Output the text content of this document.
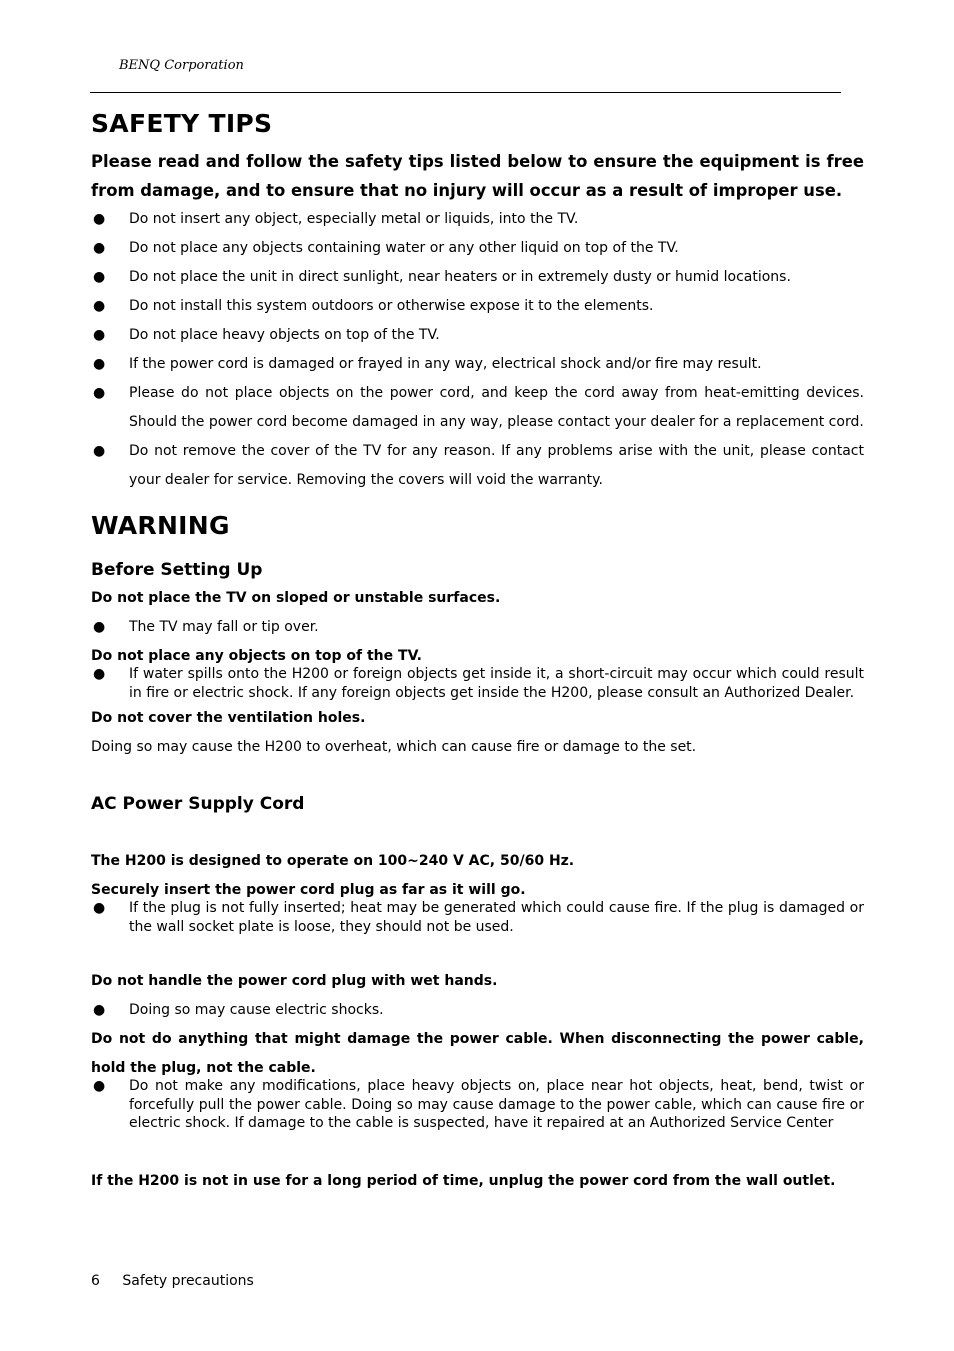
BENQ Corporation
SAFETY TIPS

Please read and follow the safety tips listed below to ensure the equipment is free from damage, and to ensure that no injury will occur as a result of improper use.

● Do not insert any object, especially metal or liquids, into the TV.
● Do not place any objects containing water or any other liquid on top of the TV.
● Do not place the unit in direct sunlight, near heaters or in extremely dusty or humid locations.
● Do not install this system outdoors or otherwise expose it to the elements.
● Do not place heavy objects on top of the TV.
● If the power cord is damaged or frayed in any way, electrical shock and/or fire may result.
● Please do not place objects on the power cord, and keep the cord away from heat-emitting devices. Should the power cord become damaged in any way, please contact your dealer for a replacement cord.
● Do not remove the cover of the TV for any reason. If any problems arise with the unit, please contact your dealer for service. Removing the covers will void the warranty.
WARNING
Before Setting Up

Do not place the TV on sloped or unstable surfaces.

● The TV may fall or tip over.

Do not place any objects on top of the TV.

● If water spills onto the H200 or foreign objects get inside it, a short-circuit may occur which could result in fire or electric shock. If any foreign objects get inside the H200, please consult an Authorized Dealer.

Do not cover the ventilation holes.

Doing so may cause the H200 to overheat, which can cause fire or damage to the set.

AC Power Supply Cord

The H200 is designed to operate on 100~240 V AC, 50/60 Hz.

Securely insert the power cord plug as far as it will go.

● If the plug is not fully inserted; heat may be generated which could cause fire. If the plug is damaged or the wall socket plate is loose, they should not be used.

Do not handle the power cord plug with wet hands.

● Doing so may cause electric shocks.

Do not do anything that might damage the power cable. When disconnecting the power cable, hold the plug, not the cable.

● Do not make any modifications, place heavy objects on, place near hot objects, heat, bend, twist or forcefully pull the power cable. Doing so may cause damage to the power cable, which can cause fire or electric shock. If damage to the cable is suspected, have it repaired at an Authorized Service Center

If the H200 is not in use for a long period of time, unplug the power cord from the wall outlet.

6 Safety precautions
